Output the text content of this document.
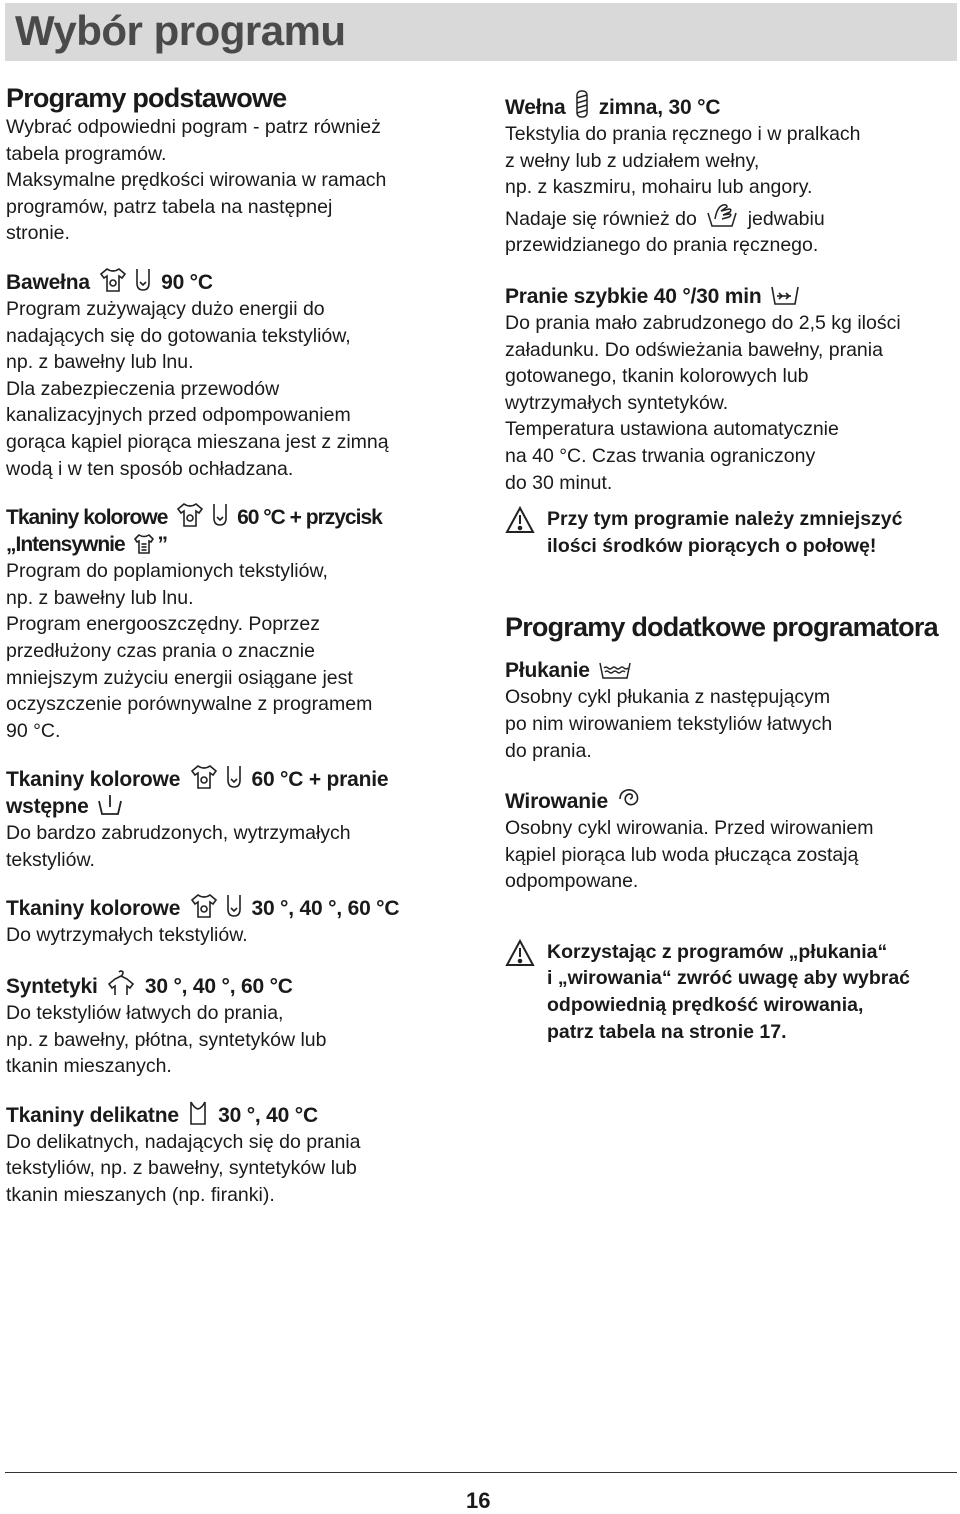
Wybór programu
Programy podstawowe

Wybrać odpowiedni pogram - patrz również

tabela programów.

Maksymalne prędkości wirowania w ramach

programów, patrz tabela na następnej

stronie.

Bawełna	90 °C

Program zużywający dużo energii do

nadających się do gotowania tekstyliów,

np. z bawełny lub lnu.

Dla zabezpieczenia przewodów

kanalizacyjnych przed odpompowaniem

gorąca kąpiel piorąca mieszana jest z zimną

wodą i w ten sposób ochładzana.

Tkaniny kolorowe	60 °C + przycisk
„Intensywnie ”

Program do poplamionych tekstyliów,

np. z bawełny lub lnu.

Program energooszczędny. Poprzez

przedłużony czas prania o znacznie

mniejszym zużyciu energii osiągane jest

oczyszczenie porównywalne z programem

90 °C.

Tkaniny kolorowe	60 °C + pranie
wstępne

Do bardzo zabrudzonych, wytrzymałych

tekstyliów.

Tkaniny kolorowe	30 °, 40 °, 60 °C

Do wytrzymałych tekstyliów.

Syntetyki 30 °, 40 °, 60 °C

Do tekstyliów łatwych do prania,

np. z bawełny, płótna, syntetyków lub

tkanin mieszanych.

Tkaniny delikatne 30 °, 40 °C

Do delikatnych, nadających się do prania

tekstyliów, np. z bawełny, syntetyków lub

tkanin mieszanych (np. firanki).

Wełna zimna, 30 °C

Tekstylia do prania ręcznego i w pralkach

z wełny lub z udziałem wełny,

np. z kaszmiru, mohairu lub angory.

Nadaje się również do	jedwabiu

przewidzianego do prania ręcznego.

Pranie szybkie 40 °/30 min

Do prania mało zabrudzonego do 2,5 kg ilości

załadunku. Do odświeżania bawełny, prania

gotowanego, tkanin kolorowych lub

wytrzymałych syntetyków.

Temperatura ustawiona automatycznie

na 40 °C. Czas trwania ograniczony

do 30 minut.

Przy tym programie należy zmniejszyć

ilości środków piorących o połowę!

Programy dodatkowe programatora
Płukanie

Osobny cykl płukania z następującym

po nim wirowaniem tekstyliów łatwych

do prania.

Wirowanie

Osobny cykl wirowania. Przed wirowaniem

kąpiel piorąca lub woda płucząca zostają

odpompowane.

Korzystając z programów „płukania“

i „wirowania“ zwróć uwagę aby wybrać

odpowiednią prędkość wirowania,

patrz tabela na stronie 17.

16
